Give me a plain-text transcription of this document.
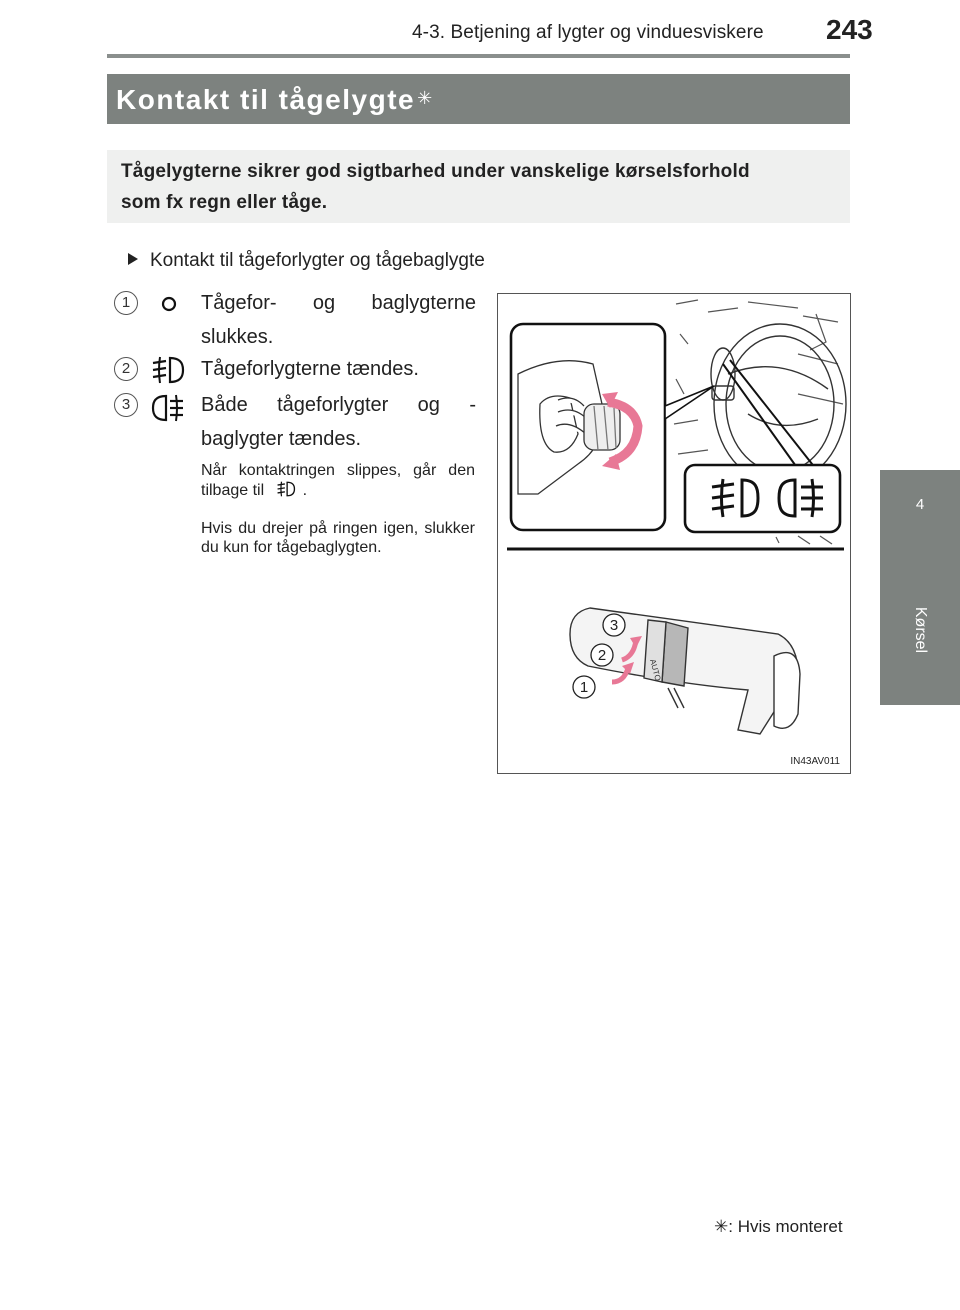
4-3. Betjening af lygter og vinduesviskere 243
Kontakt til tågelygte ✳
Tågelygterne sikrer god sigtbarhed under vanskelige kørselsforhold som fx regn eller tåge.
Kontakt til tågeforlygter og tågebaglygte
1	Tågefor- og baglygterne slukkes.
2	Tågeforlygterne tændes.
3	Både tågeforlygter og -baglygter tændes.
Når kontaktringen slippes, går den tilbage til .
Hvis du drejer på ringen igen, slukker du kun for tågebaglygten.
AUTO
3
2
1
IN43AV011
✳: Hvis monteret
4
Kørsel
